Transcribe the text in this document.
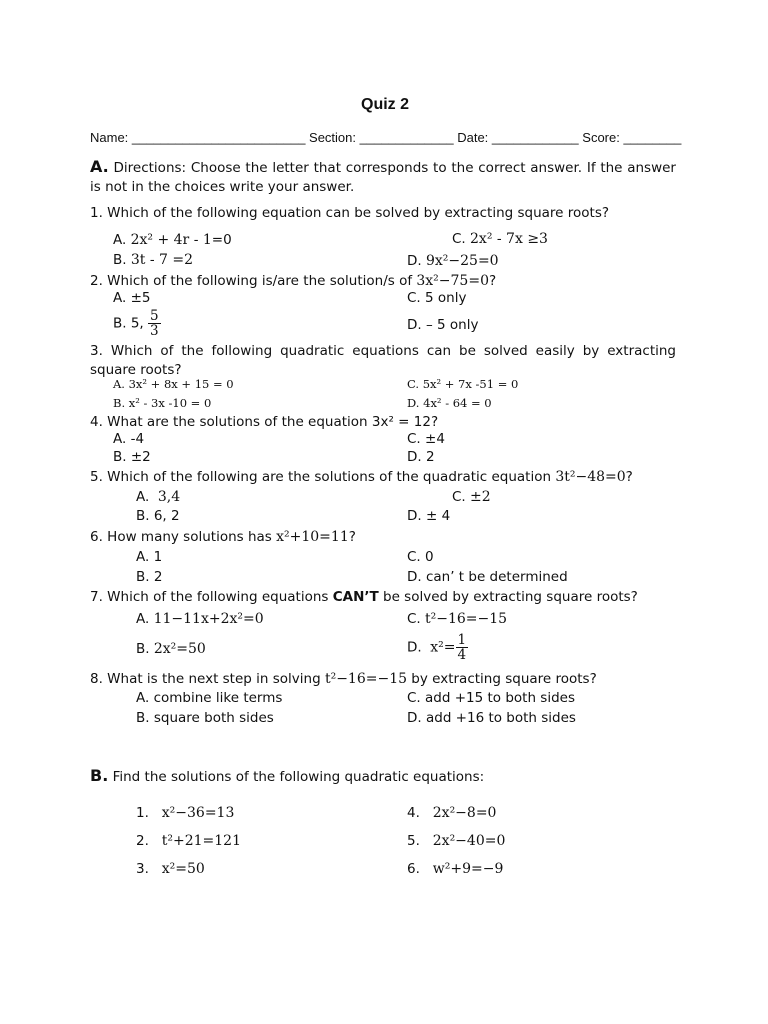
Quiz 2
Name: ________________________ Section: _____________ Date: ____________ Score: ________
A. Directions: Choose the letter that corresponds to the correct answer. If the answer is not in the choices write your answer.
1. Which of the following equation can be solved by extracting square roots?
A. 2x² + 4r - 1=0	C. 2x² - 7x ≥3
B. 3t - 7 =2	D. 9x²−25=0
2. Which of the following is/are the solution/s of 3x²−75=0?
A. ±5	C. 5 only
B. 5, $\frac{5}{3}$	D. – 5 only
3. Which of the following quadratic equations can be solved easily by extracting square roots?
A. 3x² + 8x + 15 = 0	C. 5x² + 7x -51 = 0
B. x² - 3x -10 = 0	D. 4x² - 64 = 0
4. What are the solutions of the equation 3x² = 12?
A. -4	C. ±4
B. ±2	D. 2
5. Which of the following are the solutions of the quadratic equation 3t²−48=0?
A. 3,4	C. ±2
B. 6, 2	D. ± 4
6. How many solutions has x²+10=11?
A. 1	C. 0
B. 2	D. can’ t be determined
7. Which of the following equations CAN’T be solved by extracting square roots?
A. 11−11x+2x²=0	C. t²−16=−15
B. 2x²=50	D. $x^2= \frac{1}{4}$
8. What is the next step in solving t²−16=−15 by extracting square roots?
A. combine like terms	C. add +15 to both sides
B. square both sides	D. add +16 to both sides
B. Find the solutions of the following quadratic equations:
1. x²−36=13
2. t²+21=121
3. x²=50
4. 2x²−8=0
5. 2x²−40=0
6. w²+9=−9
